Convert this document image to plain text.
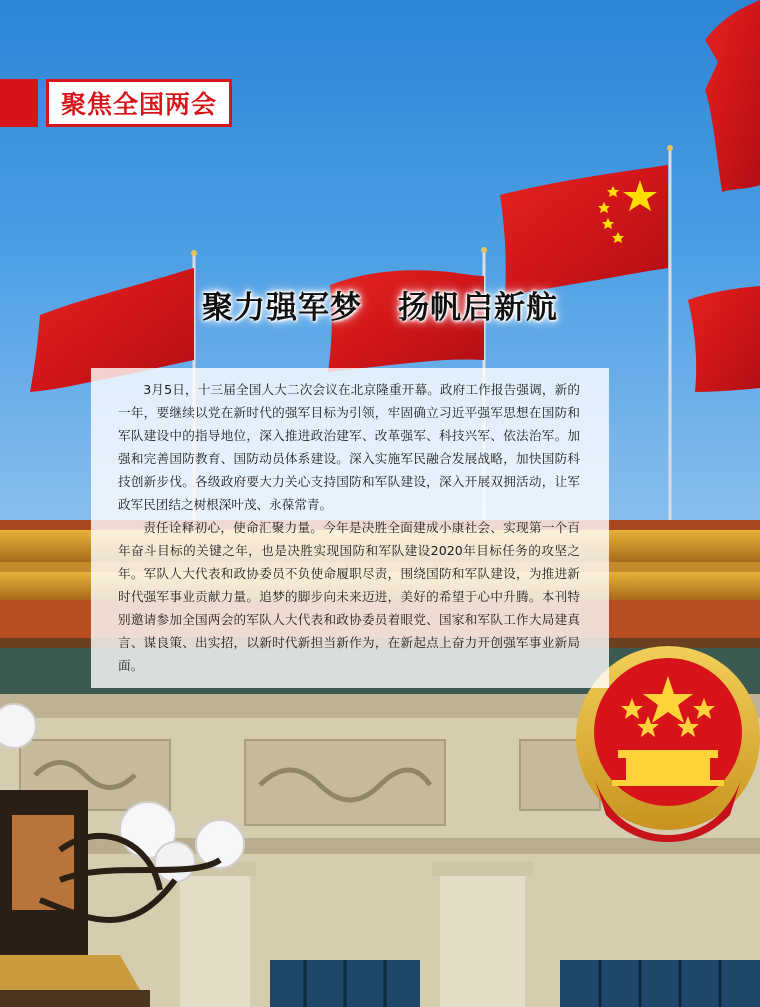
聚焦全国两会
聚力强军梦 扬帆启新航

3月5日，十三届全国人大二次会议在北京隆重开幕。政府工作报告强调，新的一年，要继续以党在新时代的强军目标为引领，牢固确立习近平强军思想在国防和军队建设中的指导地位，深入推进政治建军、改革强军、科技兴军、依法治军。加强和完善国防教育、国防动员体系建设。深入实施军民融合发展战略，加快国防科技创新步伐。各级政府要大力关心支持国防和军队建设，深入开展双拥活动，让军政军民团结之树根深叶茂、永葆常青。

责任诠释初心，使命汇聚力量。今年是决胜全面建成小康社会、实现第一个百年奋斗目标的关键之年，也是决胜实现国防和军队建设2020年目标任务的攻坚之年。军队人大代表和政协委员不负使命履职尽责，围绕国防和军队建设，为推进新时代强军事业贡献力量。追梦的脚步向未来迈进，美好的希望于心中升腾。本刊特别邀请参加全国两会的军队人大代表和政协委员着眼党、国家和军队工作大局建真言、谋良策、出实招，以新时代新担当新作为，在新起点上奋力开创强军事业新局面。
